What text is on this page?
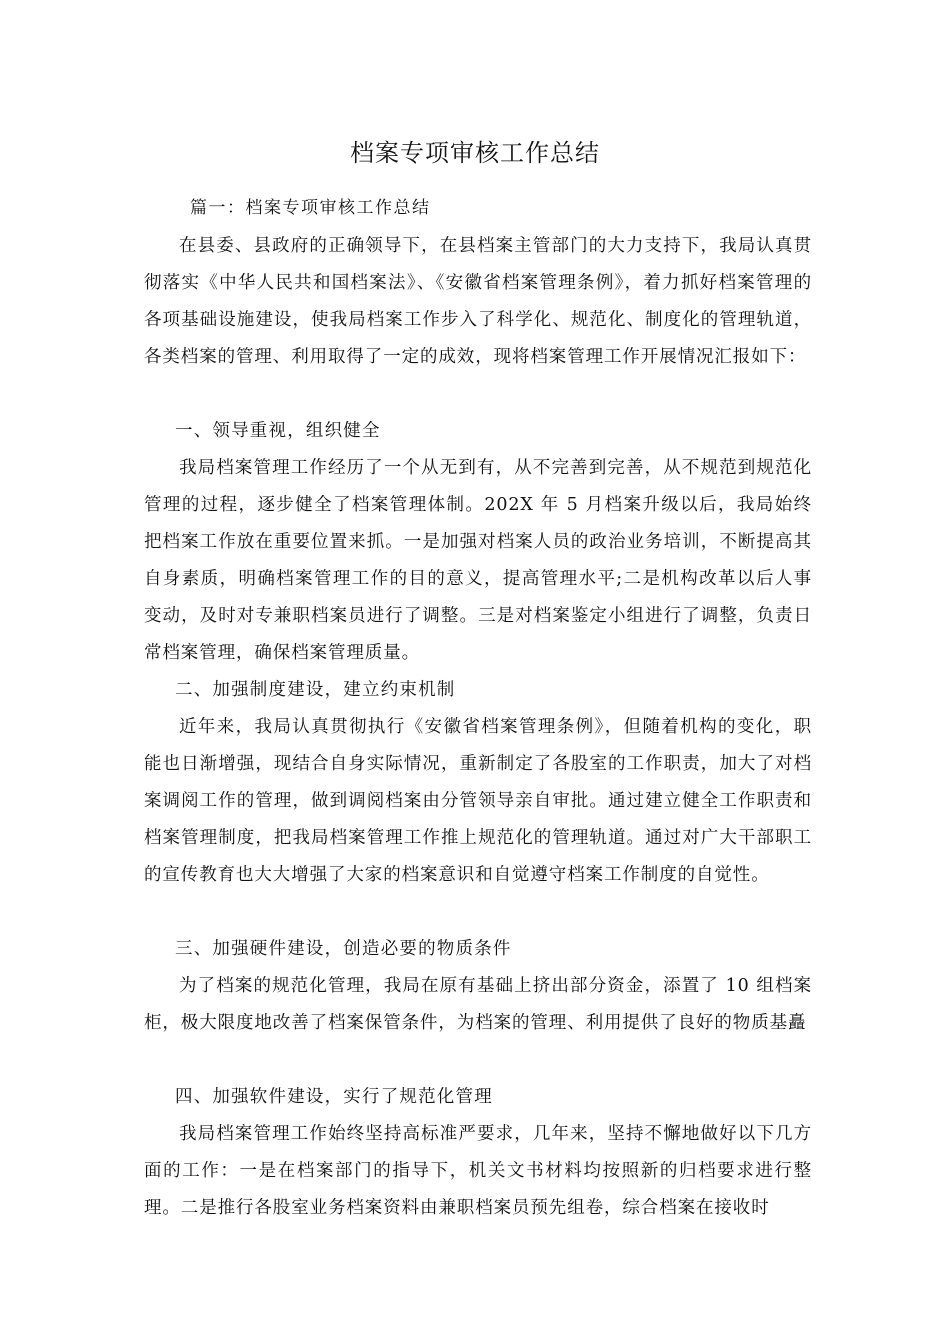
档案专项审核工作总结
篇一：档案专项审核工作总结
在县委、县政府的正确领导下，在县档案主管部门的大力支持下，我局认真贯彻落实《中华人民共和国档案法》、《安徽省档案管理条例》，着力抓好档案管理的各项基础设施建设，使我局档案工作步入了科学化、规范化、制度化的管理轨道，各类档案的管理、利用取得了一定的成效，现将档案管理工作开展情况汇报如下：
一、领导重视，组织健全
我局档案管理工作经历了一个从无到有，从不完善到完善，从不规范到规范化管理的过程，逐步健全了档案管理体制。202X 年 5 月档案升级以后，我局始终把档案工作放在重要位置来抓。一是加强对档案人员的政治业务培训，不断提高其自身素质，明确档案管理工作的目的意义，提高管理水平;二是机构改革以后人事变动，及时对专兼职档案员进行了调整。三是对档案鉴定小组进行了调整，负责日常档案管理，确保档案管理质量。
二、加强制度建设，建立约束机制
近年来，我局认真贯彻执行《安徽省档案管理条例》，但随着机构的变化，职能也日渐增强，现结合自身实际情况，重新制定了各股室的工作职责，加大了对档案调阅工作的管理，做到调阅档案由分管领导亲自审批。通过建立健全工作职责和档案管理制度，把我局档案管理工作推上规范化的管理轨道。通过对广大干部职工的宣传教育也大大增强了大家的档案意识和自觉遵守档案工作制度的自觉性。
三、加强硬件建设，创造必要的物质条件
为了档案的规范化管理，我局在原有基础上挤出部分资金，添置了 10 组档案柜，极大限度地改善了档案保管条件，为档案的管理、利用提供了良好的物质基矗
四、加强软件建设，实行了规范化管理
我局档案管理工作始终坚持高标准严要求，几年来，坚持不懈地做好以下几方面的工作：一是在档案部门的指导下，机关文书材料均按照新的归档要求进行整理。二是推行各股室业务档案资料由兼职档案员预先组卷，综合档案在接收时
